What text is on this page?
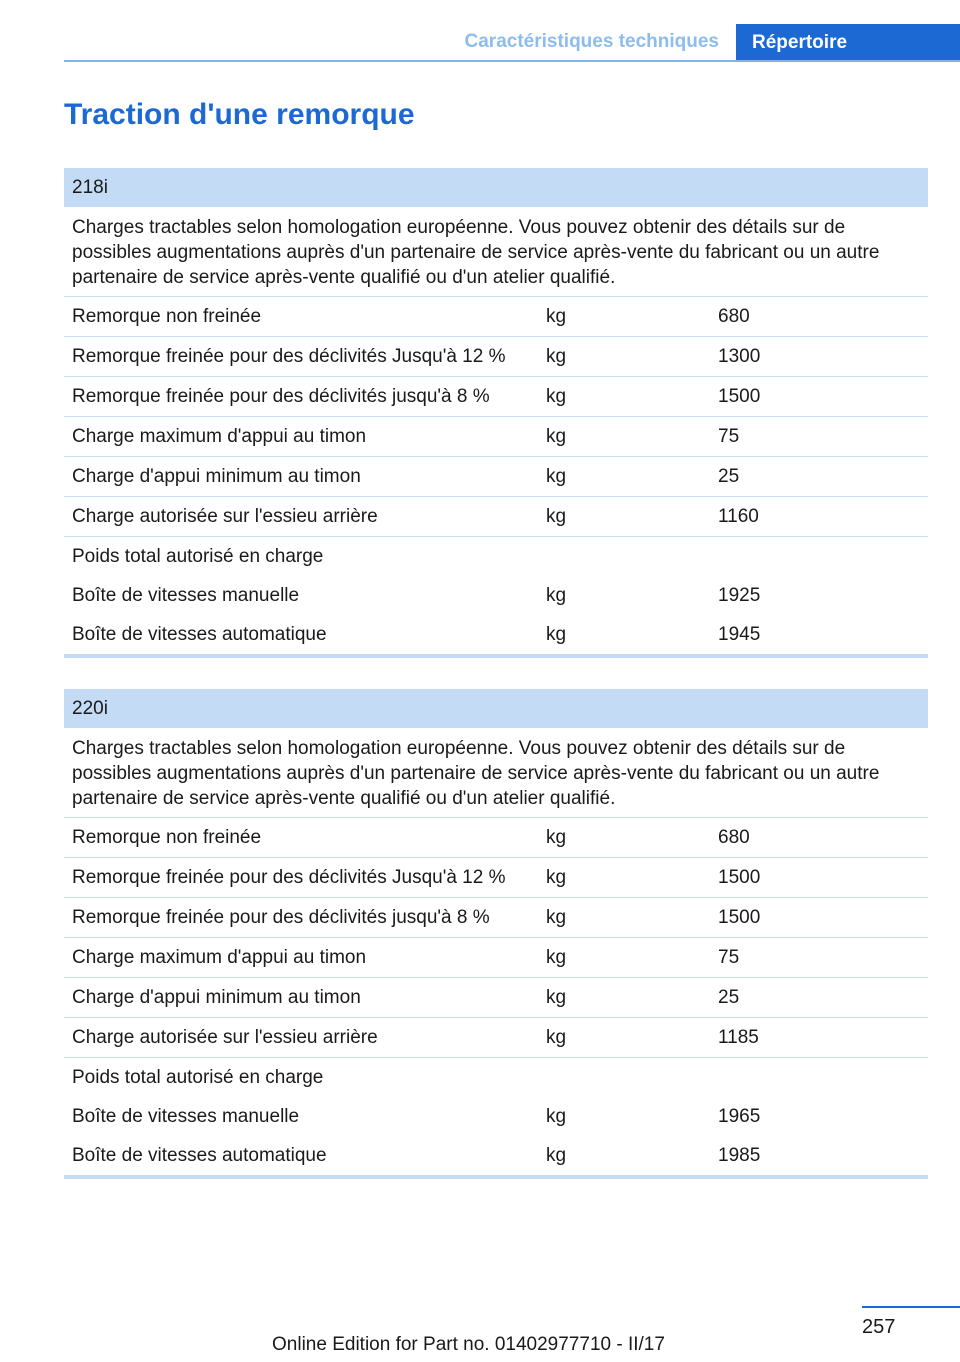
Caractéristiques techniques	Répertoire
Traction d'une remorque
218i
Charges tractables selon homologation européenne. Vous pouvez obtenir des détails sur de possibles augmentations auprès d'un partenaire de service après-vente du fabricant ou un autre partenaire de service après-vente qualifié ou d'un atelier qualifié.
Remorque non freinée	kg	680
Remorque freinée pour des déclivités Jusqu'à 12 %	kg	1300
Remorque freinée pour des déclivités jusqu'à 8 %	kg	1500
Charge maximum d'appui au timon	kg	75
Charge d'appui minimum au timon	kg	25
Charge autorisée sur l'essieu arrière	kg	1160
Poids total autorisé en charge
Boîte de vitesses manuelle	kg	1925
Boîte de vitesses automatique	kg	1945
220i
Charges tractables selon homologation européenne. Vous pouvez obtenir des détails sur de possibles augmentations auprès d'un partenaire de service après-vente du fabricant ou un autre partenaire de service après-vente qualifié ou d'un atelier qualifié.
Remorque non freinée	kg	680
Remorque freinée pour des déclivités Jusqu'à 12 %	kg	1500
Remorque freinée pour des déclivités jusqu'à 8 %	kg	1500
Charge maximum d'appui au timon	kg	75
Charge d'appui minimum au timon	kg	25
Charge autorisée sur l'essieu arrière	kg	1185
Poids total autorisé en charge
Boîte de vitesses manuelle	kg	1965
Boîte de vitesses automatique	kg	1985
257
Online Edition for Part no. 01402977710 - II/17
